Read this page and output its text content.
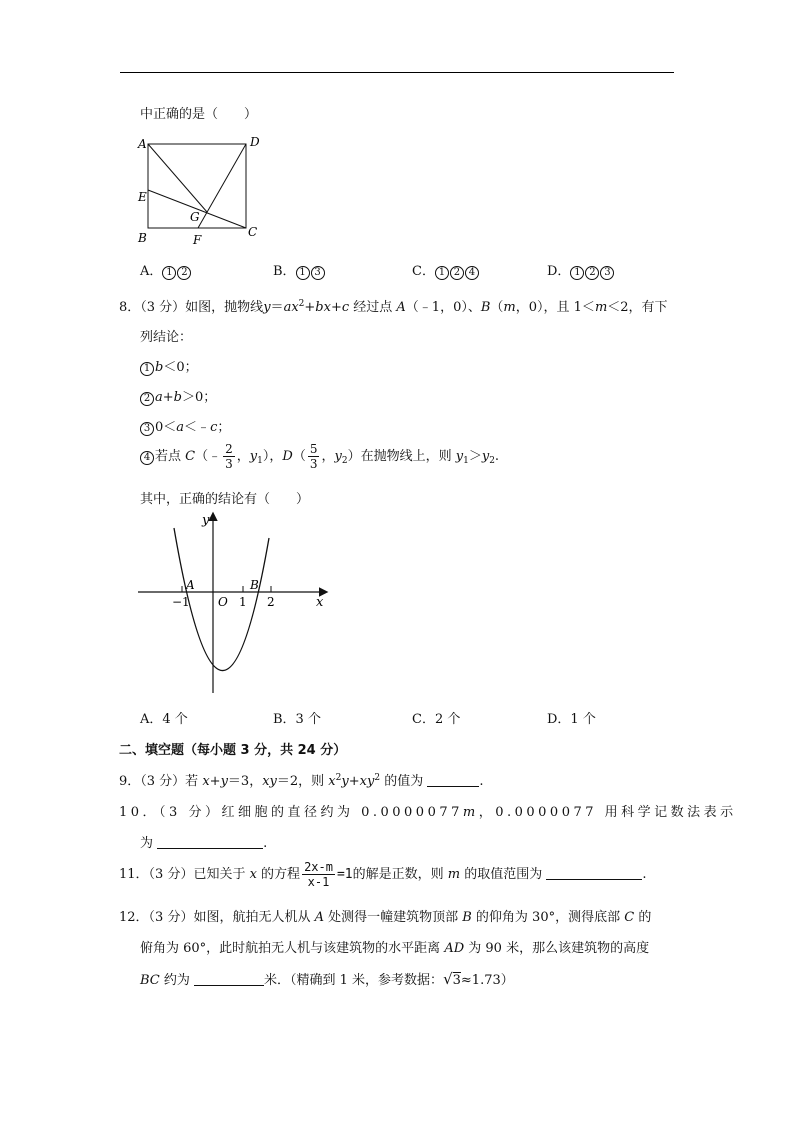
中正确的是（　　）
A	D
E
G
B	F
C
A． 1 2	B． 1 3	C． 1 2 4	D． 1 2 3
8．（3 分）如图，抛物线$y=ax^2+bx+c$ 经过点 A（﹣1，0）、B（m，0），且 1＜m＜2，有下
列结论：
1 b＜0；
2 a+b＞0；
3 0＜a＜﹣c；
4 若点 C（﹣ $\frac{2}{3}$ ，$y_1$），$D( \frac{5}{3}$ ，$y_2$）在抛物线上，则 $y_1>y_2$.
其中，正确的结论有（　　）
y
x
O
A	B
−1	1 2
A．4 个	B．3 个	C．2 个	D．1 个
二、填空题（每小题 3 分，共 24 分）
9．（3 分）若 x+y＝3，xy＝2，则 $x^2y+xy^2$ 的值为	.
10．（3 分）红细胞的直径约为 0.0000077m，0.0000077 用科学记数法表示
为	.
11．（3 分）已知关于 x 的方程 $\frac{2x-m}{x-1} =1$的解是正数，则 m 的取值范围为	.
12．（3 分）如图，航拍无人机从 A 处测得一幢建筑物顶部 B 的仰角为 30°，测得底部 C 的
俯角为 60°，此时航拍无人机与该建筑物的水平距离 AD 为 90 米，那么该建筑物的高度
BC 约为	米．（精确到 1 米，参考数据：√3≈1.73）
